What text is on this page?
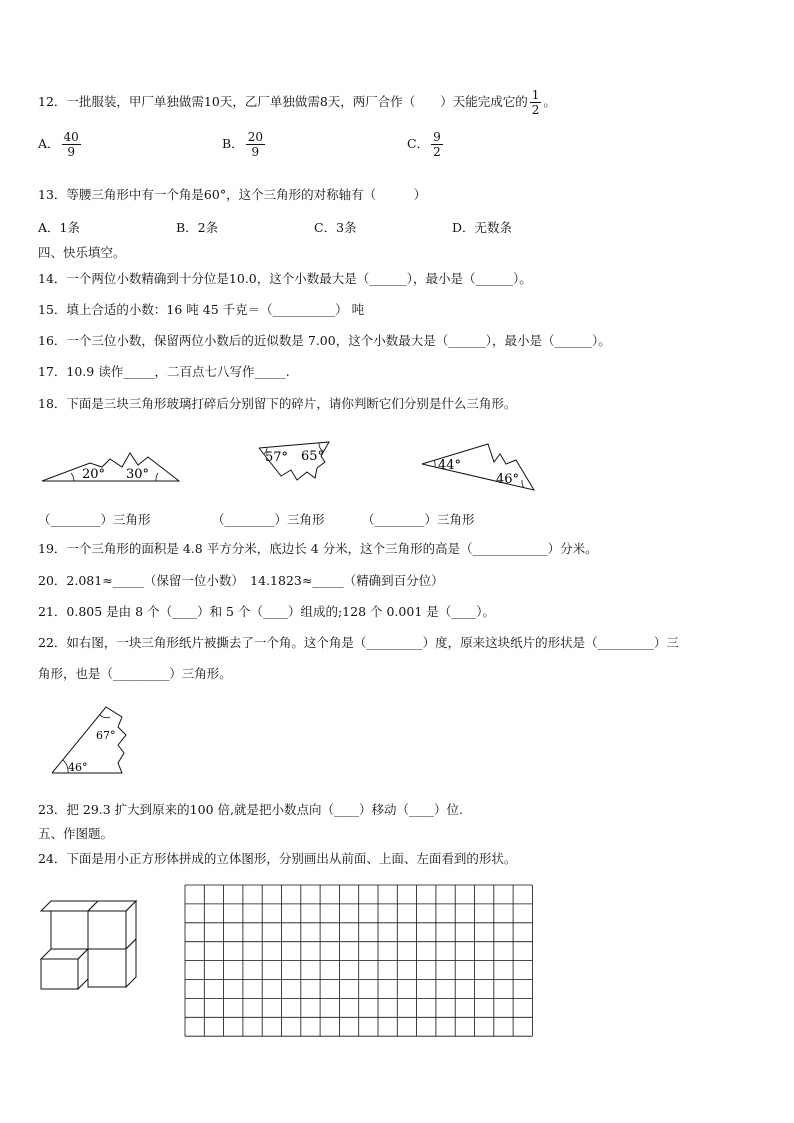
12．一批服装，甲厂单独做需10天，乙厂单独做需8天，两厂合作（　　）天能完成它的 $\frac{1}{2}$ 。
A． $\frac{40}{9}$	B． $\frac{20}{9}$	C． $\frac{9}{2}$
13．等腰三角形中有一个角是60°，这个三角形的对称轴有（　　　）
A．1条	B．2条	C．3条	D．无数条
四、快乐填空。
14．一个两位小数精确到十分位是10.0，这个小数最大是（______），最小是（______）。
15．填上合适的小数：16 吨 45 千克＝（__________） 吨
16．一个三位小数，保留两位小数后的近似数是 7.00，这个小数最大是（______），最小是（______）。
17．10.9 读作_____，二百点七八写作_____.
18．下面是三块三角形玻璃打碎后分别留下的碎片，请你判断它们分别是什么三角形。
20° 30°
57° 65°
44°
46°
（________）三角形	（________）三角形	（________）三角形
19．一个三角形的面积是 4.8 平方分米，底边长 4 分米，这个三角形的高是（____________）分米。
20．2.081≈_____（保留一位小数）　14.1823≈_____（精确到百分位）
21．0.805 是由 8 个（____）和 5 个（____）组成的;128 个 0.001 是（____）。
22．如右图，一块三角形纸片被撕去了一个角。这个角是（_________）度，原来这块纸片的形状是（_________）三
角形，也是（_________）三角形。
67°
46°
23．把 29.3 扩大到原来的100 倍,就是把小数点向（____）移动（____）位.
五、作图题。
24．下面是用小正方形体拼成的立体图形，分别画出从前面、上面、左面看到的形状。
